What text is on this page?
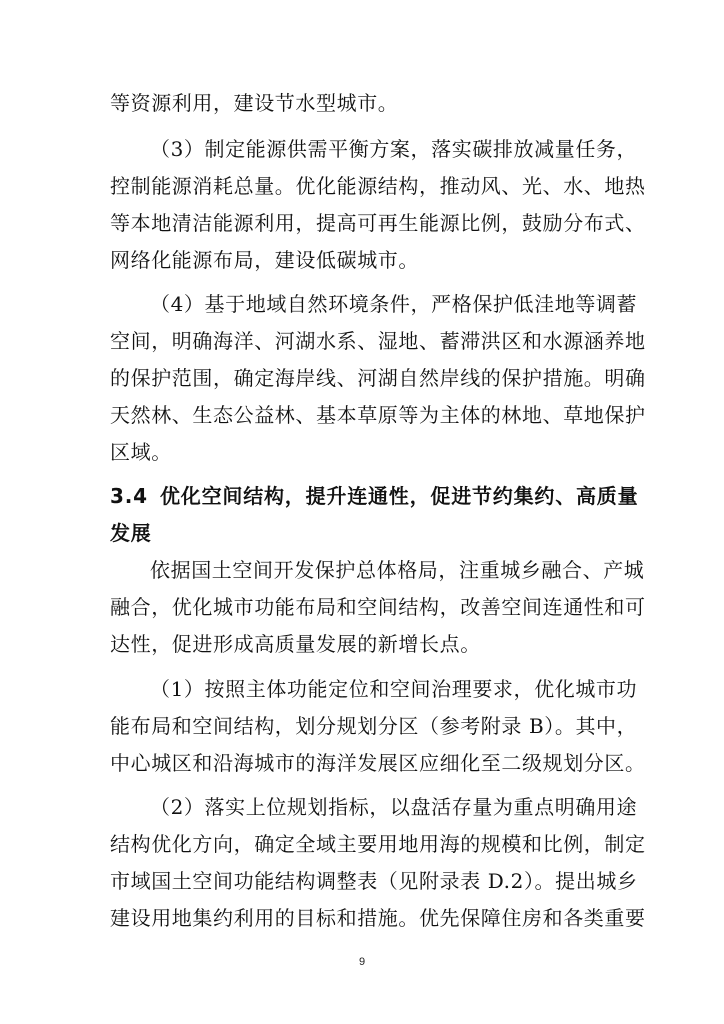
等资源利用，建设节水型城市。
（3）制定能源供需平衡方案，落实碳排放减量任务，
控制能源消耗总量。优化能源结构，推动风、光、水、地热
等本地清洁能源利用，提高可再生能源比例，鼓励分布式、
网络化能源布局，建设低碳城市。
（4）基于地域自然环境条件，严格保护低洼地等调蓄
空间，明确海洋、河湖水系、湿地、蓄滞洪区和水源涵养地
的保护范围，确定海岸线、河湖自然岸线的保护措施。明确
天然林、生态公益林、基本草原等为主体的林地、草地保护
区域。
3.4 优化空间结构，提升连通性，促进节约集约、高质量
发展
依据国土空间开发保护总体格局，注重城乡融合、产城
融合，优化城市功能布局和空间结构，改善空间连通性和可
达性，促进形成高质量发展的新增长点。
（1）按照主体功能定位和空间治理要求，优化城市功
能布局和空间结构，划分规划分区（参考附录 B）。其中，
中心城区和沿海城市的海洋发展区应细化至二级规划分区。
（2）落实上位规划指标，以盘活存量为重点明确用途
结构优化方向，确定全域主要用地用海的规模和比例，制定
市域国土空间功能结构调整表（见附录表 D.2）。提出城乡
建设用地集约利用的目标和措施。优先保障住房和各类重要
9
